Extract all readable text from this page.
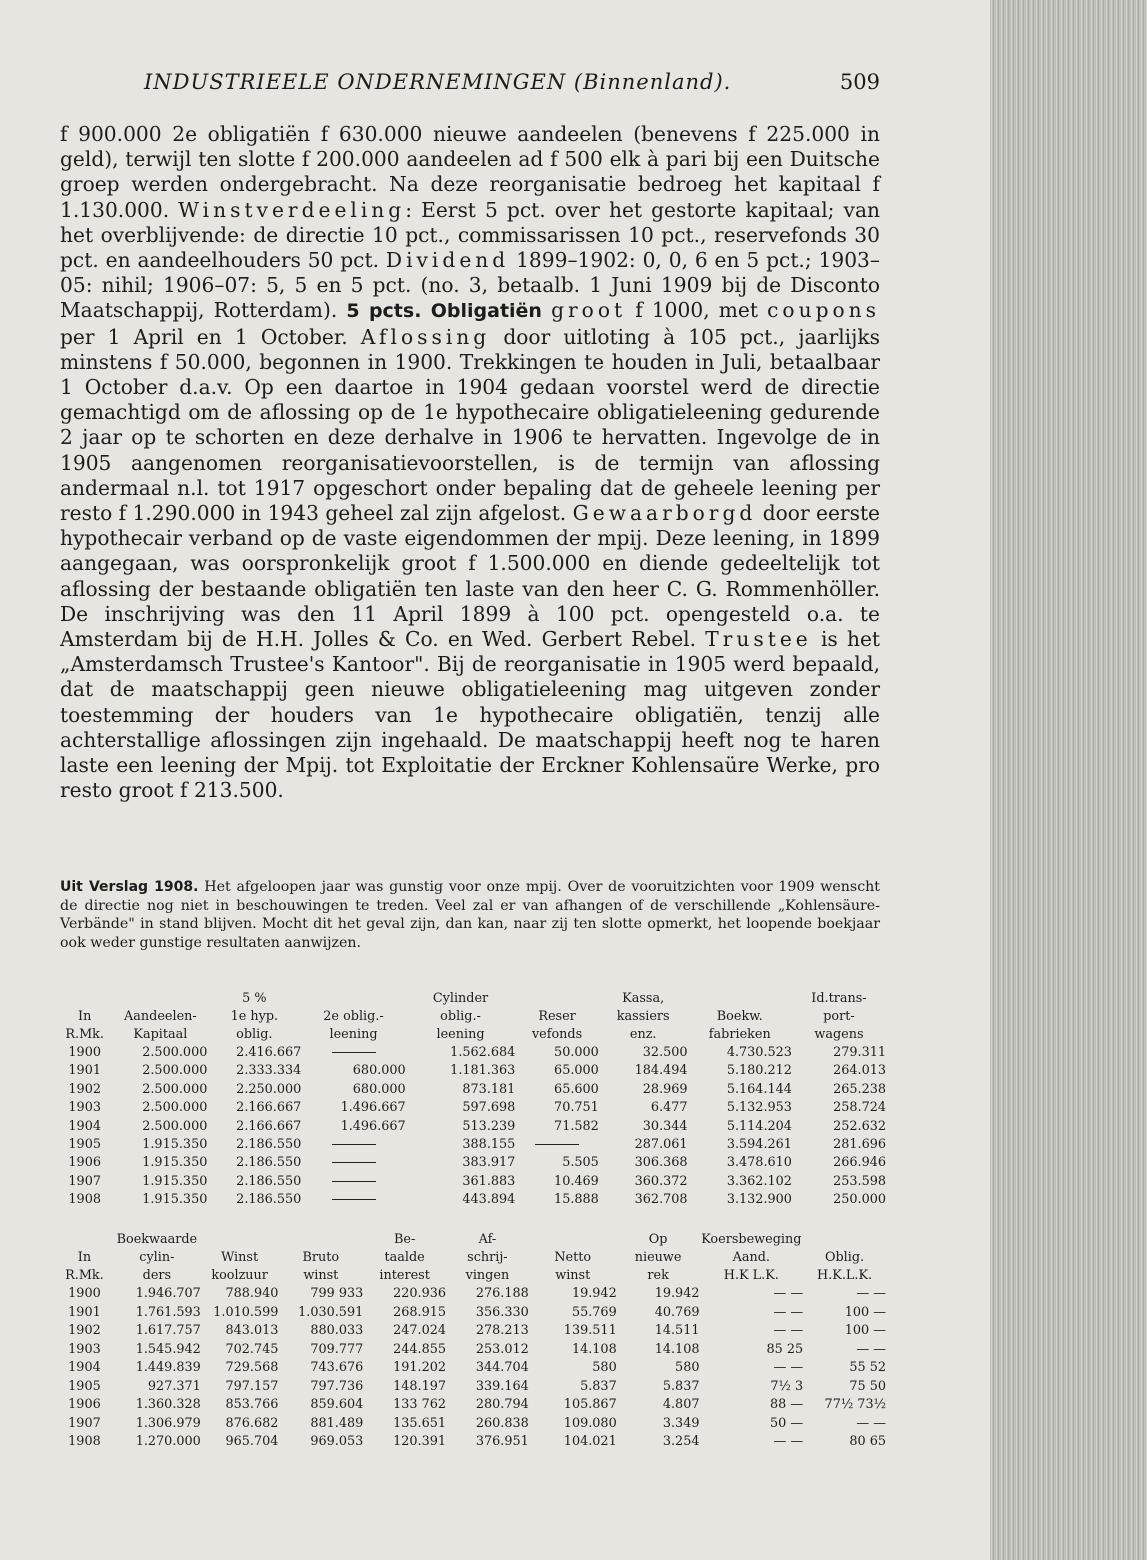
INDUSTRIEELE ONDERNEMINGEN (Binnenland).	509

f 900.000 2e obligatiën f 630.000 nieuwe aandeelen (benevens f 225.000 in geld), terwijl ten slotte f 200.000 aandeelen ad f 500 elk à pari bij een Duitsche groep werden ondergebracht. Na deze reorganisatie bedroeg het kapitaal f 1.130.000. Winstverdeeling: Eerst 5 pct. over het gestorte kapitaal; van het overblijvende: de directie 10 pct., commissarissen 10 pct., reservefonds 30 pct. en aandeelhouders 50 pct. Dividend 1899–1902: 0, 0, 6 en 5 pct.; 1903–05: nihil; 1906–07: 5, 5 en 5 pct. (no. 3, betaalb. 1 Juni 1909 bij de Disconto Maatschappij, Rotterdam). 5 pcts. Obligatiën groot f 1000, met coupons per 1 April en 1 October. Aflossing door uitloting à 105 pct., jaarlijks minstens f 50.000, begonnen in 1900. Trekkingen te houden in Juli, betaalbaar 1 October d.a.v. Op een daartoe in 1904 gedaan voorstel werd de directie gemachtigd om de aflossing op de 1e hypothecaire obligatieleening gedurende 2 jaar op te schorten en deze derhalve in 1906 te hervatten. Ingevolge de in 1905 aangenomen reorganisatievoorstellen, is de termijn van aflossing andermaal n.l. tot 1917 opgeschort onder bepaling dat de geheele leening per resto f 1.290.000 in 1943 geheel zal zijn afgelost. Gewaarborgd door eerste hypothecair verband op de vaste eigendommen der mpij. Deze leening, in 1899 aangegaan, was oorspronkelijk groot f 1.500.000 en diende gedeeltelijk tot aflossing der bestaande obligatiën ten laste van den heer C. G. Rommenhöller. De inschrijving was den 11 April 1899 à 100 pct. opengesteld o.a. te Amsterdam bij de H.H. Jolles & Co. en Wed. Gerbert Rebel. Trustee is het „Amsterdamsch Trustee's Kantoor". Bij de reorganisatie in 1905 werd bepaald, dat de maatschappij geen nieuwe obligatieleening mag uitgeven zonder toestemming der houders van 1e hypothecaire obligatiën, tenzij alle achterstallige aflossingen zijn ingehaald. De maatschappij heeft nog te haren laste een leening der Mpij. tot Exploitatie der Erckner Kohlensaüre Werke, pro resto groot f 213.500.

Uit Verslag 1908. Het afgeloopen jaar was gunstig voor onze mpij. Over de vooruitzichten voor 1909 wenscht de directie nog niet in beschouwingen te treden. Veel zal er van afhangen of de verschillende „Kohlensäure-Verbände" in stand blijven. Mocht dit het geval zijn, dan kan, naar zij ten slotte opmerkt, het loopende boekjaar ook weder gunstige resultaten aanwijzen.

		5 %		Cylinder		Kassa,		Id.trans-
In	Aandeelen-	1e hyp.	2e oblig.-	oblig.-	Reser	kassiers	Boekw.	port-
R.Mk.	Kapitaal	oblig.	leening	leening	vefonds	enz.	fabrieken	wagens
1900	2.500.000	2.416.667		1.562.684	50.000	32.500	4.730.523	279.311
1901	2.500.000	2.333.334	680.000	1.181.363	65.000	184.494	5.180.212	264.013
1902	2.500.000	2.250.000	680.000	873.181	65.600	28.969	5.164.144	265.238
1903	2.500.000	2.166.667	1.496.667	597.698	70.751	6.477	5.132.953	258.724
1904	2.500.000	2.166.667	1.496.667	513.239	71.582	30.344	5.114.204	252.632
1905	1.915.350	2.186.550		388.155		287.061	3.594.261	281.696
1906	1.915.350	2.186.550		383.917	5.505	306.368	3.478.610	266.946
1907	1.915.350	2.186.550		361.883	10.469	360.372	3.362.102	253.598
1908	1.915.350	2.186.550		443.894	15.888	362.708	3.132.900	250.000
	Boekwaarde			Be-	Af-		Op	Koersbeweging	
In	cylin-	Winst	Bruto	taalde	schrij-	Netto	nieuwe	Aand.	Oblig.
R.Mk.	ders	koolzuur	winst	interest	vingen	winst	rek	H.K L.K.	H.K.L.K.
1900	1.946.707	788.940	799 933	220.936	276.188	19.942	19.942	— —	— —
1901	1.761.593	1.010.599	1.030.591	268.915	356.330	55.769	40.769	— —	100 —
1902	1.617.757	843.013	880.033	247.024	278.213	139.511	14.511	— —	100 —
1903	1.545.942	702.745	709.777	244.855	253.012	14.108	14.108	85 25	— —
1904	1.449.839	729.568	743.676	191.202	344.704	580	580	— —	55 52
1905	927.371	797.157	797.736	148.197	339.164	5.837	5.837	7½ 3	75 50
1906	1.360.328	853.766	859.604	133 762	280.794	105.867	4.807	88 —	77½ 73½
1907	1.306.979	876.682	881.489	135.651	260.838	109.080	3.349	50 —	— —
1908	1.270.000	965.704	969.053	120.391	376.951	104.021	3.254	— —	80 65
